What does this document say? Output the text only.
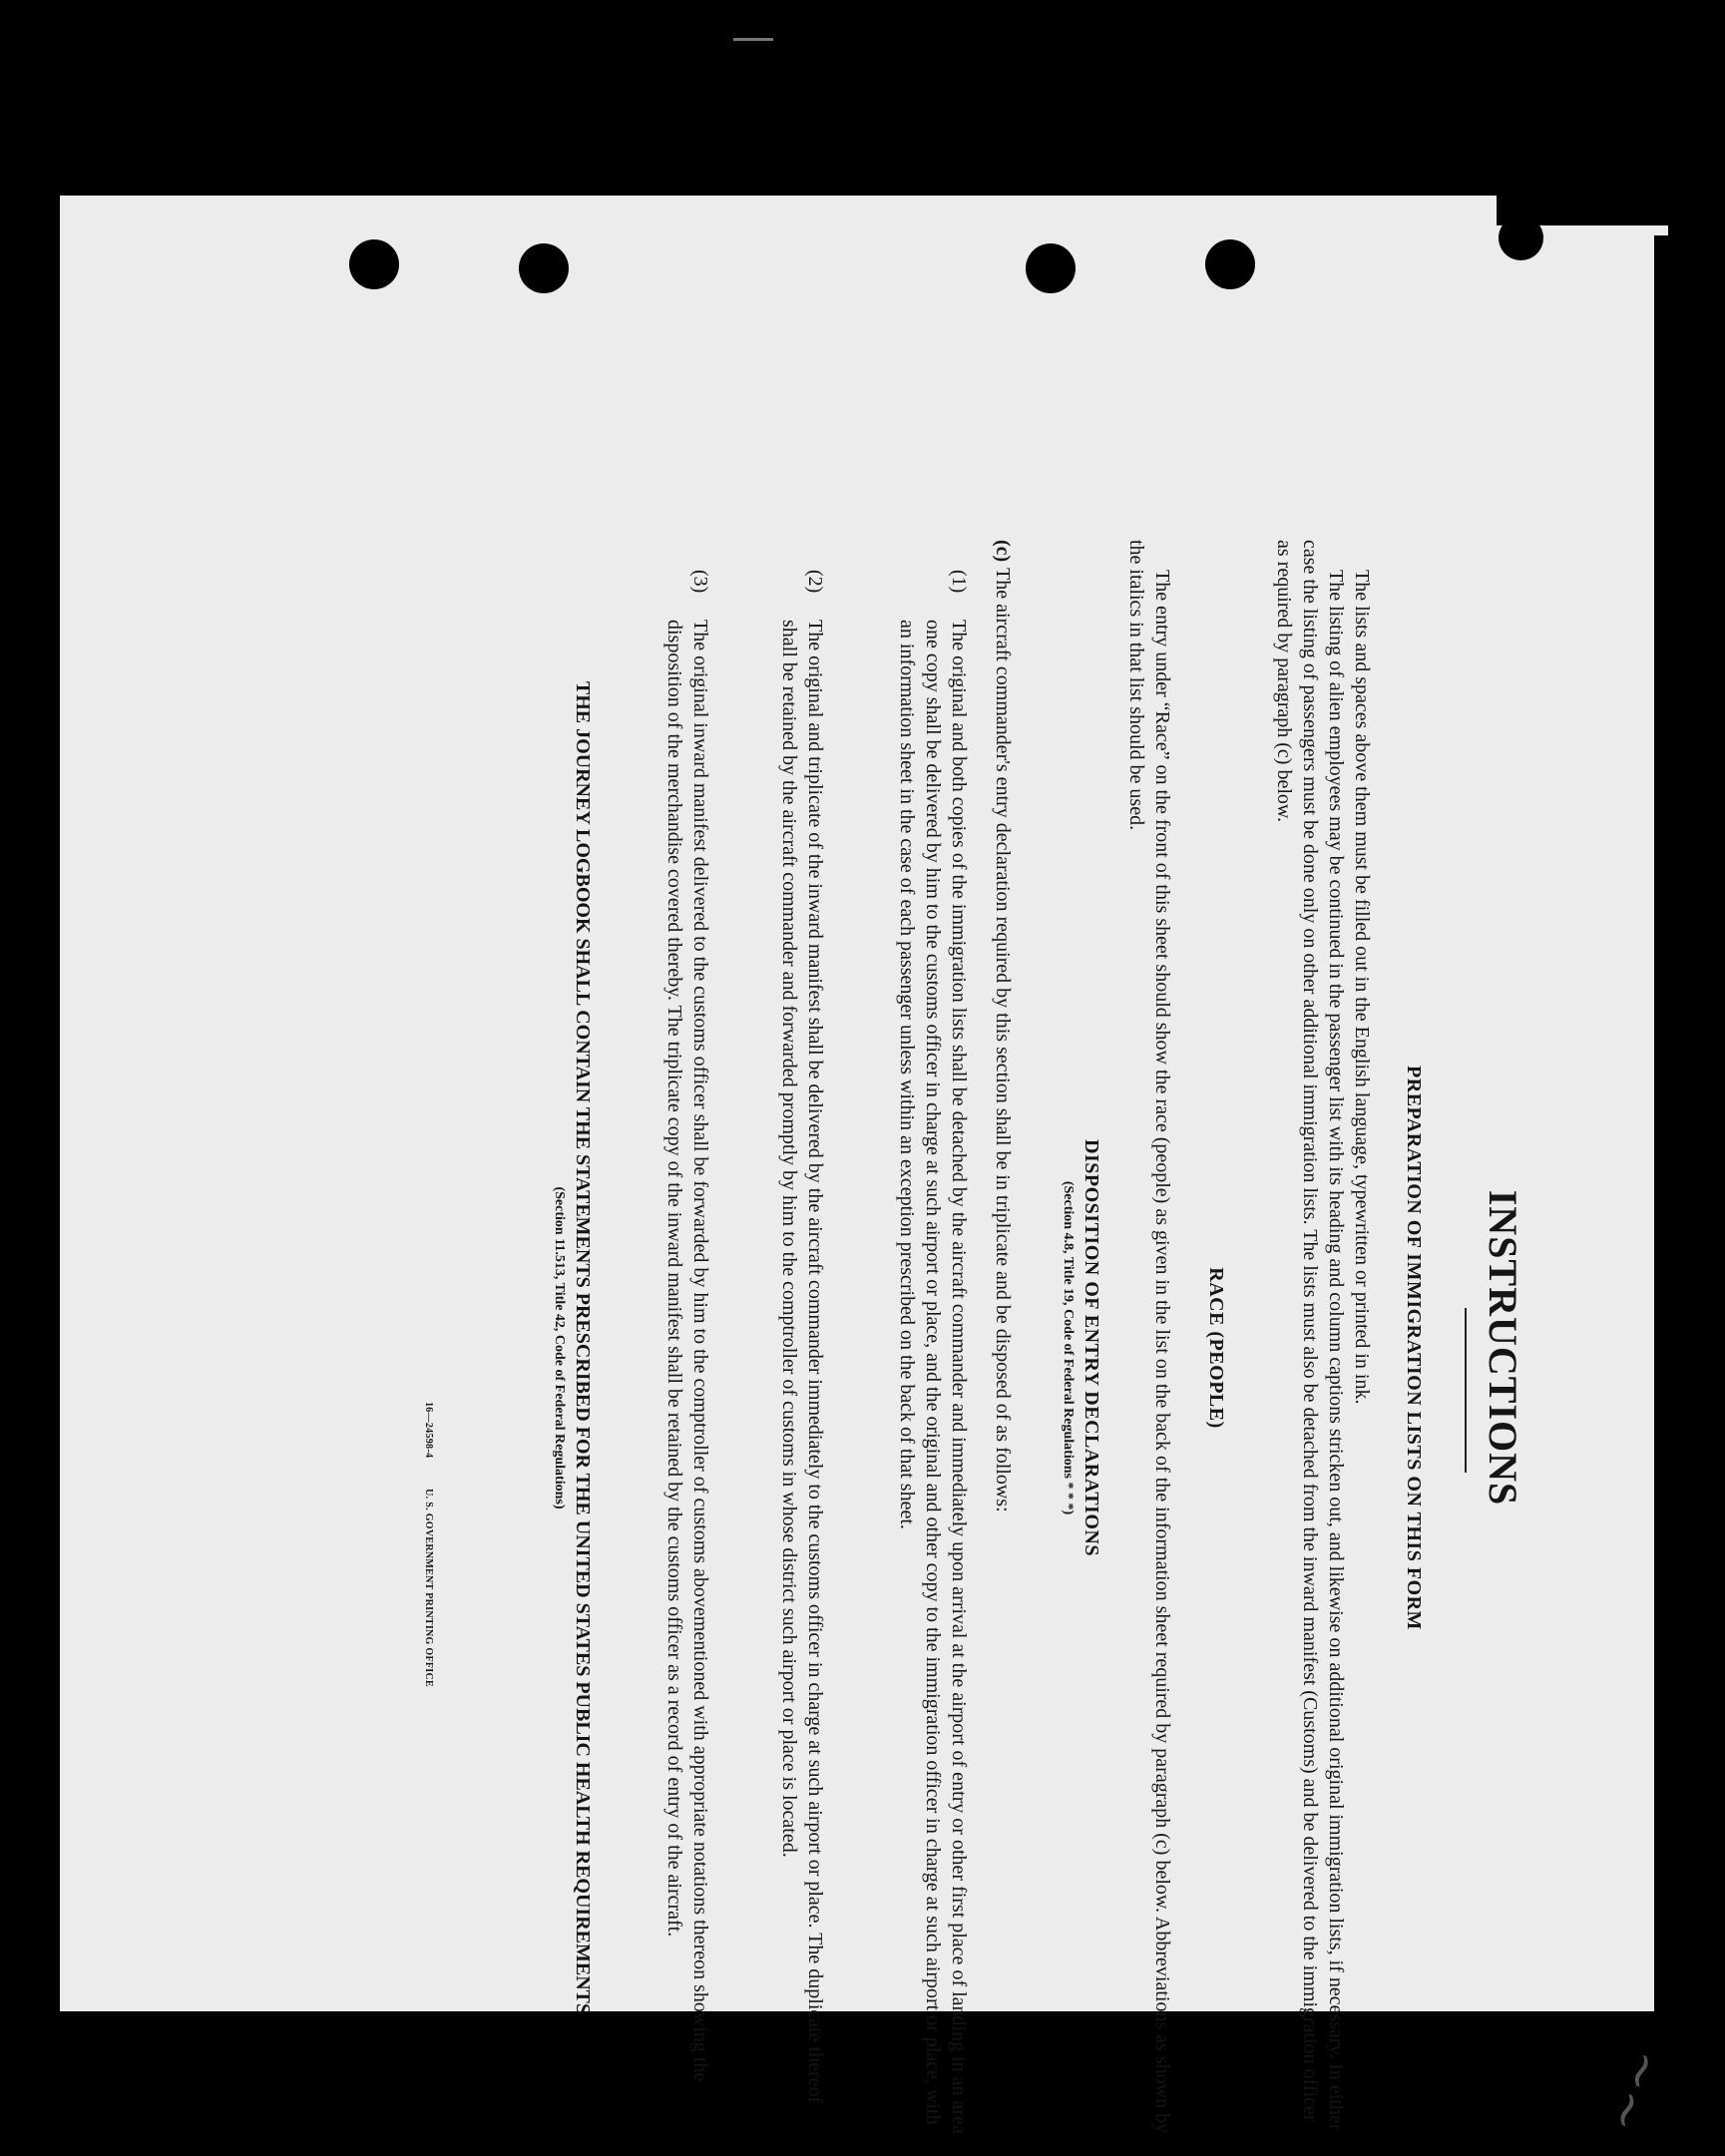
INSTRUCTIONS
PREPARATION OF IMMIGRATION LISTS ON THIS FORM

The lists and spaces above them must be filled out in the English language, typewritten or printed in ink.

The listing of alien employees may be continued in the passenger list with its heading and column captions stricken out, and likewise on additional original immigration lists, if necessary. In either case the listing of passengers must be done only on other additional immigration lists. The lists must also be detached from the inward manifest (Customs) and be delivered to the immigration officer as required by paragraph (c) below.

RACE (PEOPLE)

The entry under “Race” on the front of this sheet should show the race (people) as given in the list on the back of the information sheet required by paragraph (c) below. Abbreviations as shown by the italics in that list should be used.

DISPOSITION OF ENTRY DECLARATIONS
(Section 4.8, Title 19, Code of Federal Regulations * * *)
(c)
The aircraft commander's entry declaration required by this section shall be in triplicate and be disposed of as follows:
(1)
The original and both copies of the immigration lists shall be detached by the aircraft commander and immediately upon arrival at the airport of entry or other first place of landing in an area one copy shall be delivered by him to the customs officer in charge at such airport or place, and the original and other copy to the immigration officer in charge at such airport or place, with an information sheet in the case of each passenger unless within an exception prescribed on the back of that sheet.
(2)
The original and triplicate of the inward manifest shall be delivered by the aircraft commander immediately to the customs officer in charge at such airport or place. The duplicate thereof shall be retained by the aircraft commander and forwarded promptly by him to the comptroller of customs in whose district such airport or place is located.
(3)
The original inward manifest delivered to the customs officer shall be forwarded by him to the comptroller of customs abovementioned with appropriate notations thereon showing the disposition of the merchandise covered thereby. The triplicate copy of the inward manifest shall be retained by the customs officer as a record of entry of the aircraft.
THE JOURNEY LOGBOOK SHALL CONTAIN THE STATEMENTS PRESCRIBED FOR THE UNITED STATES PUBLIC HEALTH REQUIREMENTS
(Section 11.513, Title 42, Code of Federal Regulations)
16—24598-4 U. S. GOVERNMENT PRINTING OFFICE
~~
